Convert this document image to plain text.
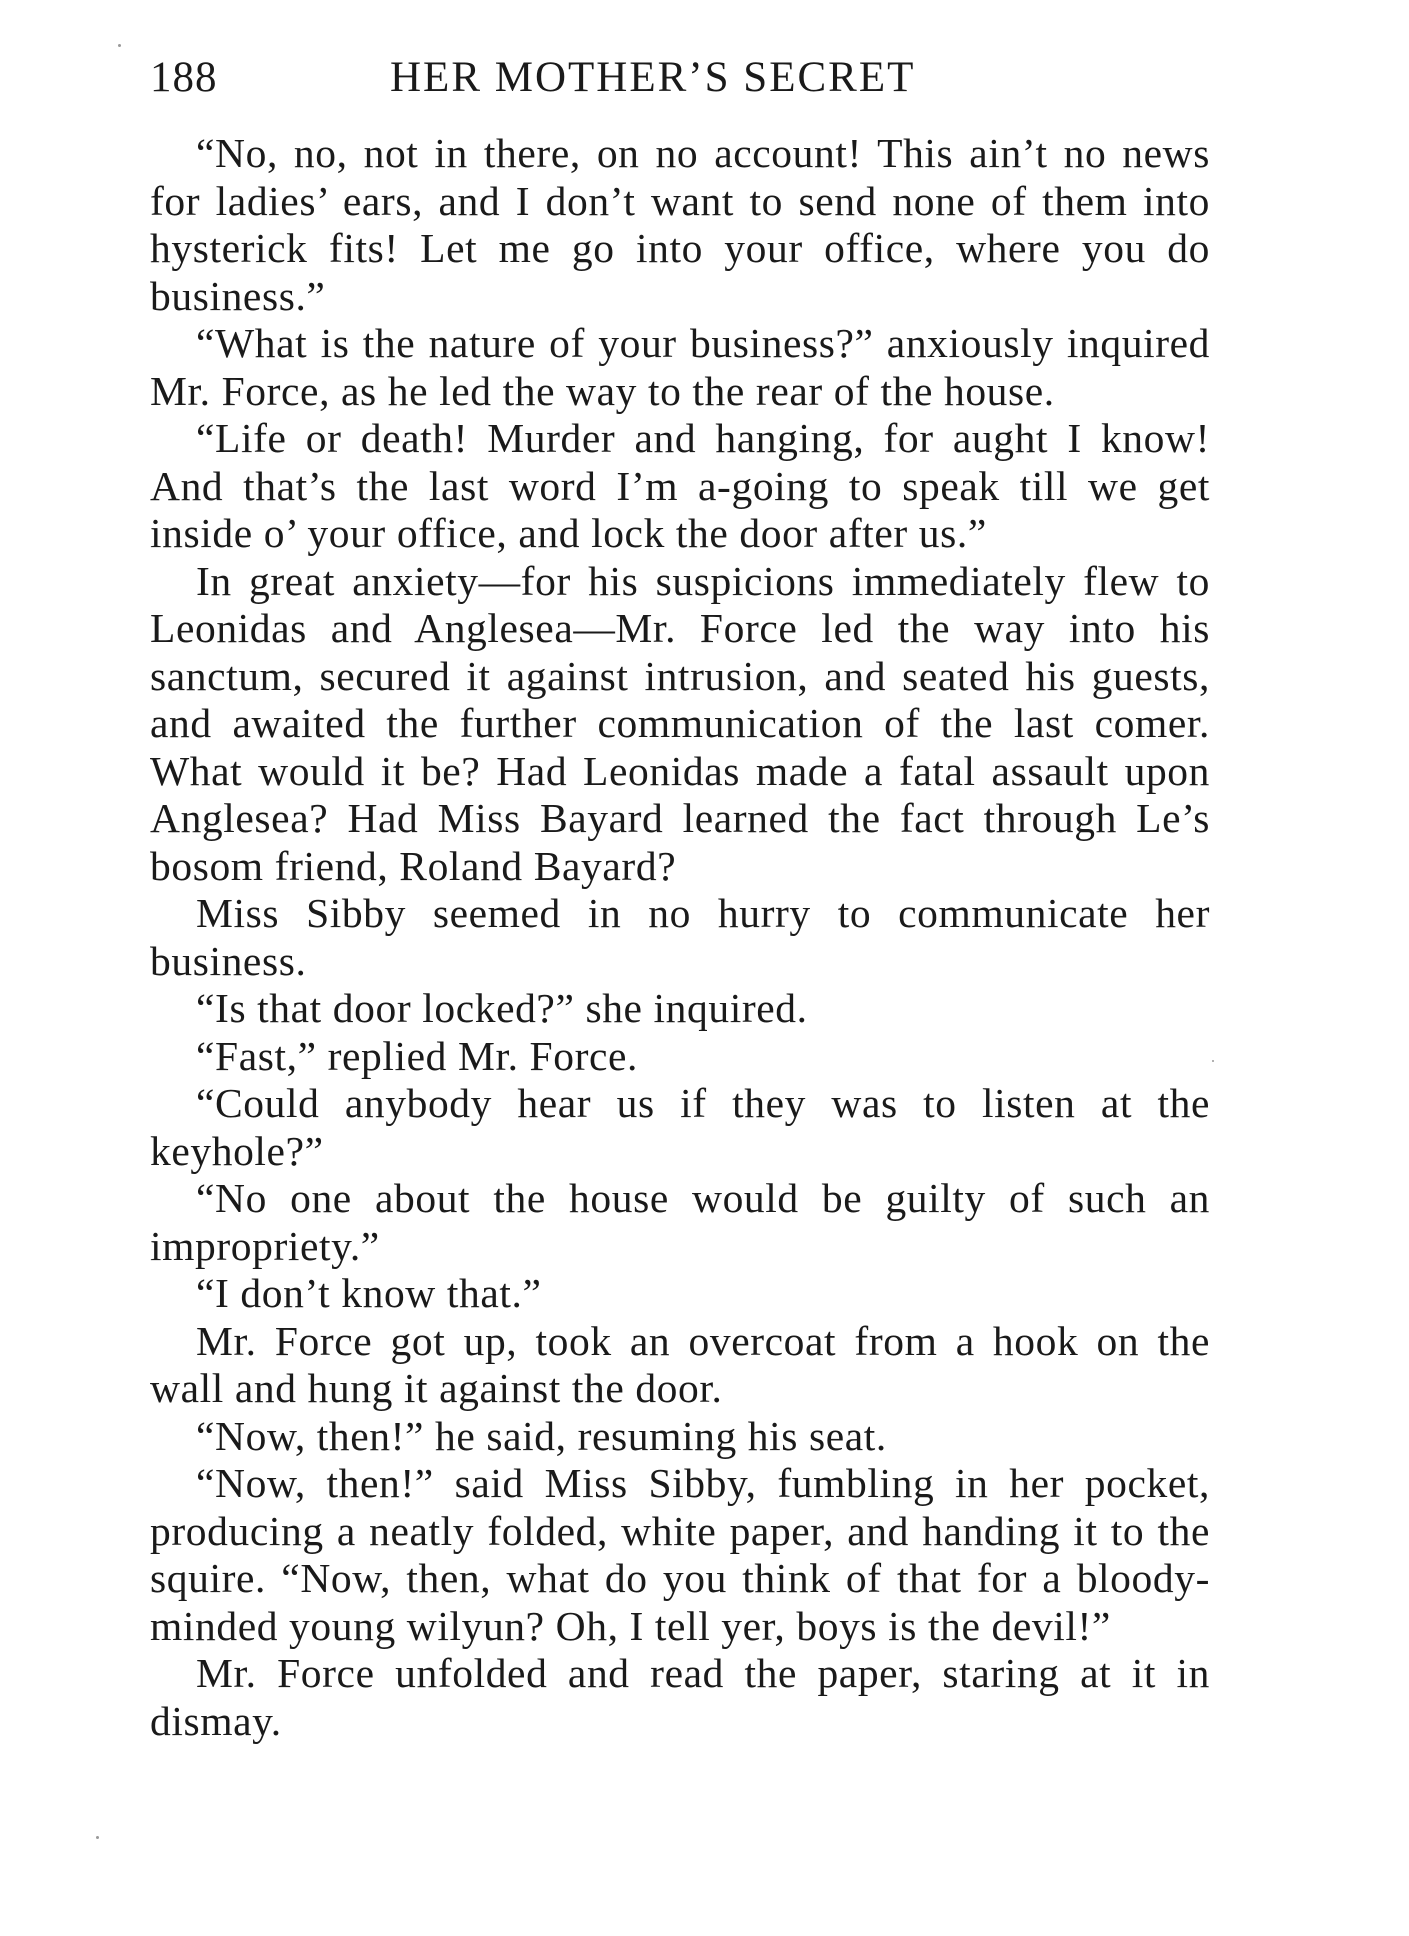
188	HER MOTHER’S SECRET

“No, no, not in there, on no account! This ain’t no news for ladies’ ears, and I don’t want to send none of them into hysterick fits! Let me go into your office, where you do business.”

“What is the nature of your business?” anxiously inquired Mr. Force, as he led the way to the rear of the house.

“Life or death! Murder and hanging, for aught I know! And that’s the last word I’m a-going to speak till we get inside o’ your office, and lock the door after us.”

In great anxiety—for his suspicions immediately flew to Leonidas and Anglesea—Mr. Force led the way into his sanctum, secured it against intrusion, and seated his guests, and awaited the further communication of the last comer. What would it be? Had Leonidas made a fatal assault upon Anglesea? Had Miss Bayard learned the fact through Le’s bosom friend, Roland Bayard?

Miss Sibby seemed in no hurry to communicate her business.

“Is that door locked?” she inquired.

“Fast,” replied Mr. Force.

“Could anybody hear us if they was to listen at the keyhole?”

“No one about the house would be guilty of such an impropriety.”

“I don’t know that.”

Mr. Force got up, took an overcoat from a hook on the wall and hung it against the door.

“Now, then!” he said, resuming his seat.

“Now, then!” said Miss Sibby, fumbling in her pocket, producing a neatly folded, white paper, and handing it to the squire. “Now, then, what do you think of that for a bloody-minded young wilyun? Oh, I tell yer, boys is the devil!”

Mr. Force unfolded and read the paper, staring at it in dismay.
